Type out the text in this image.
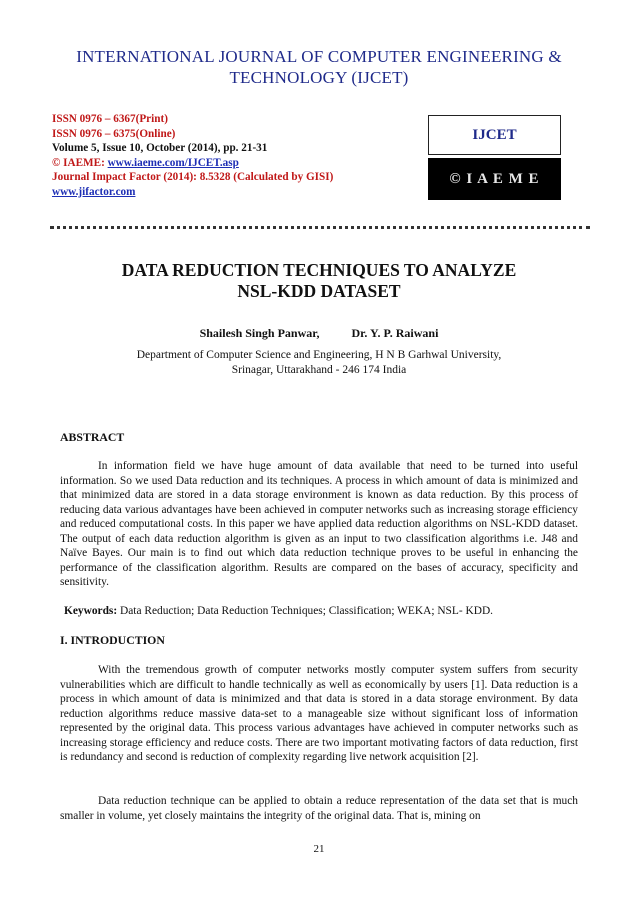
INTERNATIONAL JOURNAL OF COMPUTER ENGINEERING &
TECHNOLOGY (IJCET)
ISSN 0976 – 6367(Print)
ISSN 0976 – 6375(Online)
Volume 5, Issue 10, October (2014), pp. 21-31
© IAEME: www.iaeme.com/IJCET.asp
Journal Impact Factor (2014): 8.5328 (Calculated by GISI)
www.jifactor.com
IJCET
© I A E M E
DATA REDUCTION TECHNIQUES TO ANALYZE
NSL-KDD DATASET
Shailesh Singh Panwar,	Dr. Y. P. Raiwani
Department of Computer Science and Engineering, H N B Garhwal University,
Srinagar, Uttarakhand - 246 174 India
ABSTRACT
In information field we have huge amount of data available that need to be turned into useful information. So we used Data reduction and its techniques. A process in which amount of data is minimized and that minimized data are stored in a data storage environment is known as data reduction. By this process of reducing data various advantages have been achieved in computer networks such as increasing storage efficiency and reduced computational costs. In this paper we have applied data reduction algorithms on NSL-KDD dataset. The output of each data reduction algorithm is given as an input to two classification algorithms i.e. J48 and Naïve Bayes. Our main is to find out which data reduction technique proves to be useful in enhancing the performance of the classification algorithm. Results are compared on the bases of accuracy, specificity and sensitivity.
Keywords: Data Reduction; Data Reduction Techniques; Classification; WEKA; NSL- KDD.
I. INTRODUCTION
With the tremendous growth of computer networks mostly computer system suffers from security vulnerabilities which are difficult to handle technically as well as economically by users [1]. Data reduction is a process in which amount of data is minimized and that data is stored in a data storage environment. By data reduction algorithms reduce massive data-set to a manageable size without significant loss of information represented by the original data. This process various advantages have achieved in computer networks such as increasing storage efficiency and reduce costs. There are two important motivating factors of data reduction, first is redundancy and second is reduction of complexity regarding live network acquisition [2].
Data reduction technique can be applied to obtain a reduce representation of the data set that is much smaller in volume, yet closely maintains the integrity of the original data. That is, mining on
21
